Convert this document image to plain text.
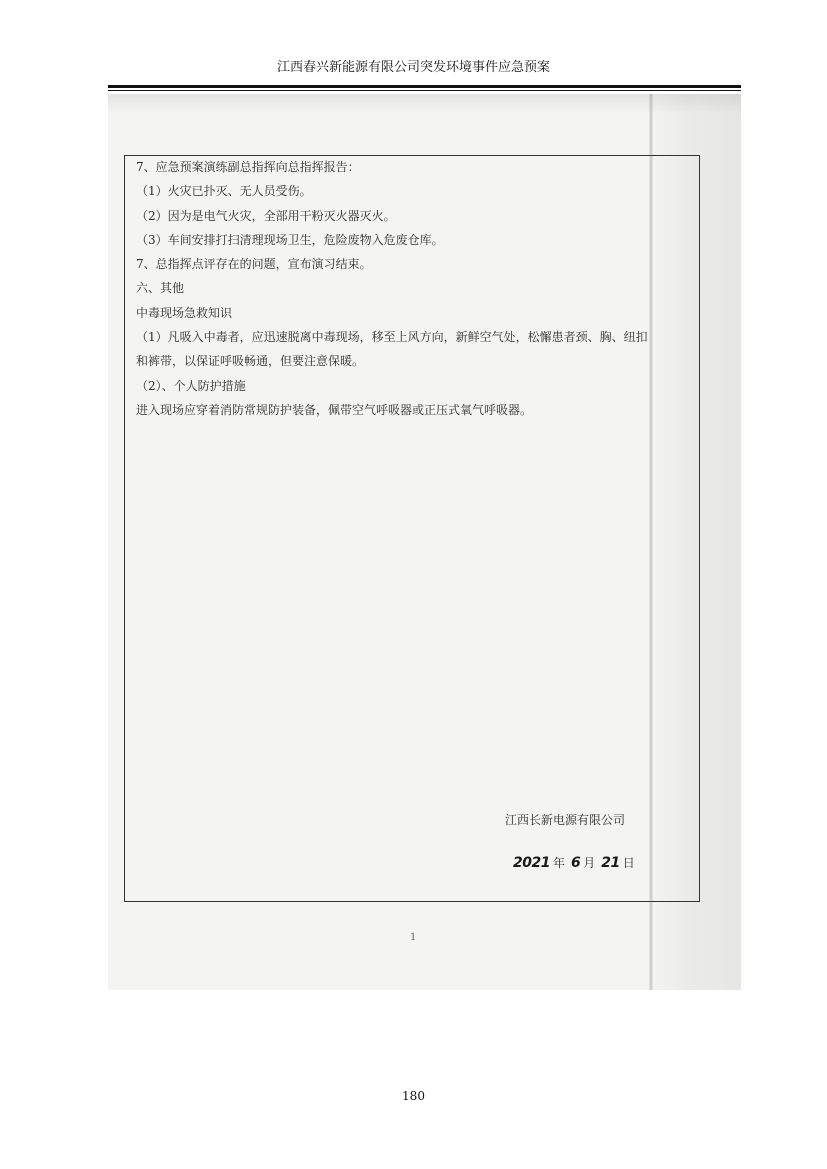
江西春兴新能源有限公司突发环境事件应急预案
7、应急预案演练副总指挥向总指挥报告：
（1）火灾已扑灭、无人员受伤。
（2）因为是电气火灾，全部用干粉灭火器灭火。
（3）车间安排打扫清理现场卫生，危险废物入危废仓库。
7、总指挥点评存在的问题，宣布演习结束。
六、其他
中毒现场急救知识
（1）凡吸入中毒者，应迅速脱离中毒现场，移至上风方向，新鲜空气处，松懈患者颈、胸、纽扣
和裤带，以保证呼吸畅通，但要注意保暖。
（2）、个人防护措施
进入现场应穿着消防常规防护装备，佩带空气呼吸器或正压式氧气呼吸器。
江西长新电源有限公司
2021 年 6 月 21 日
1
180
